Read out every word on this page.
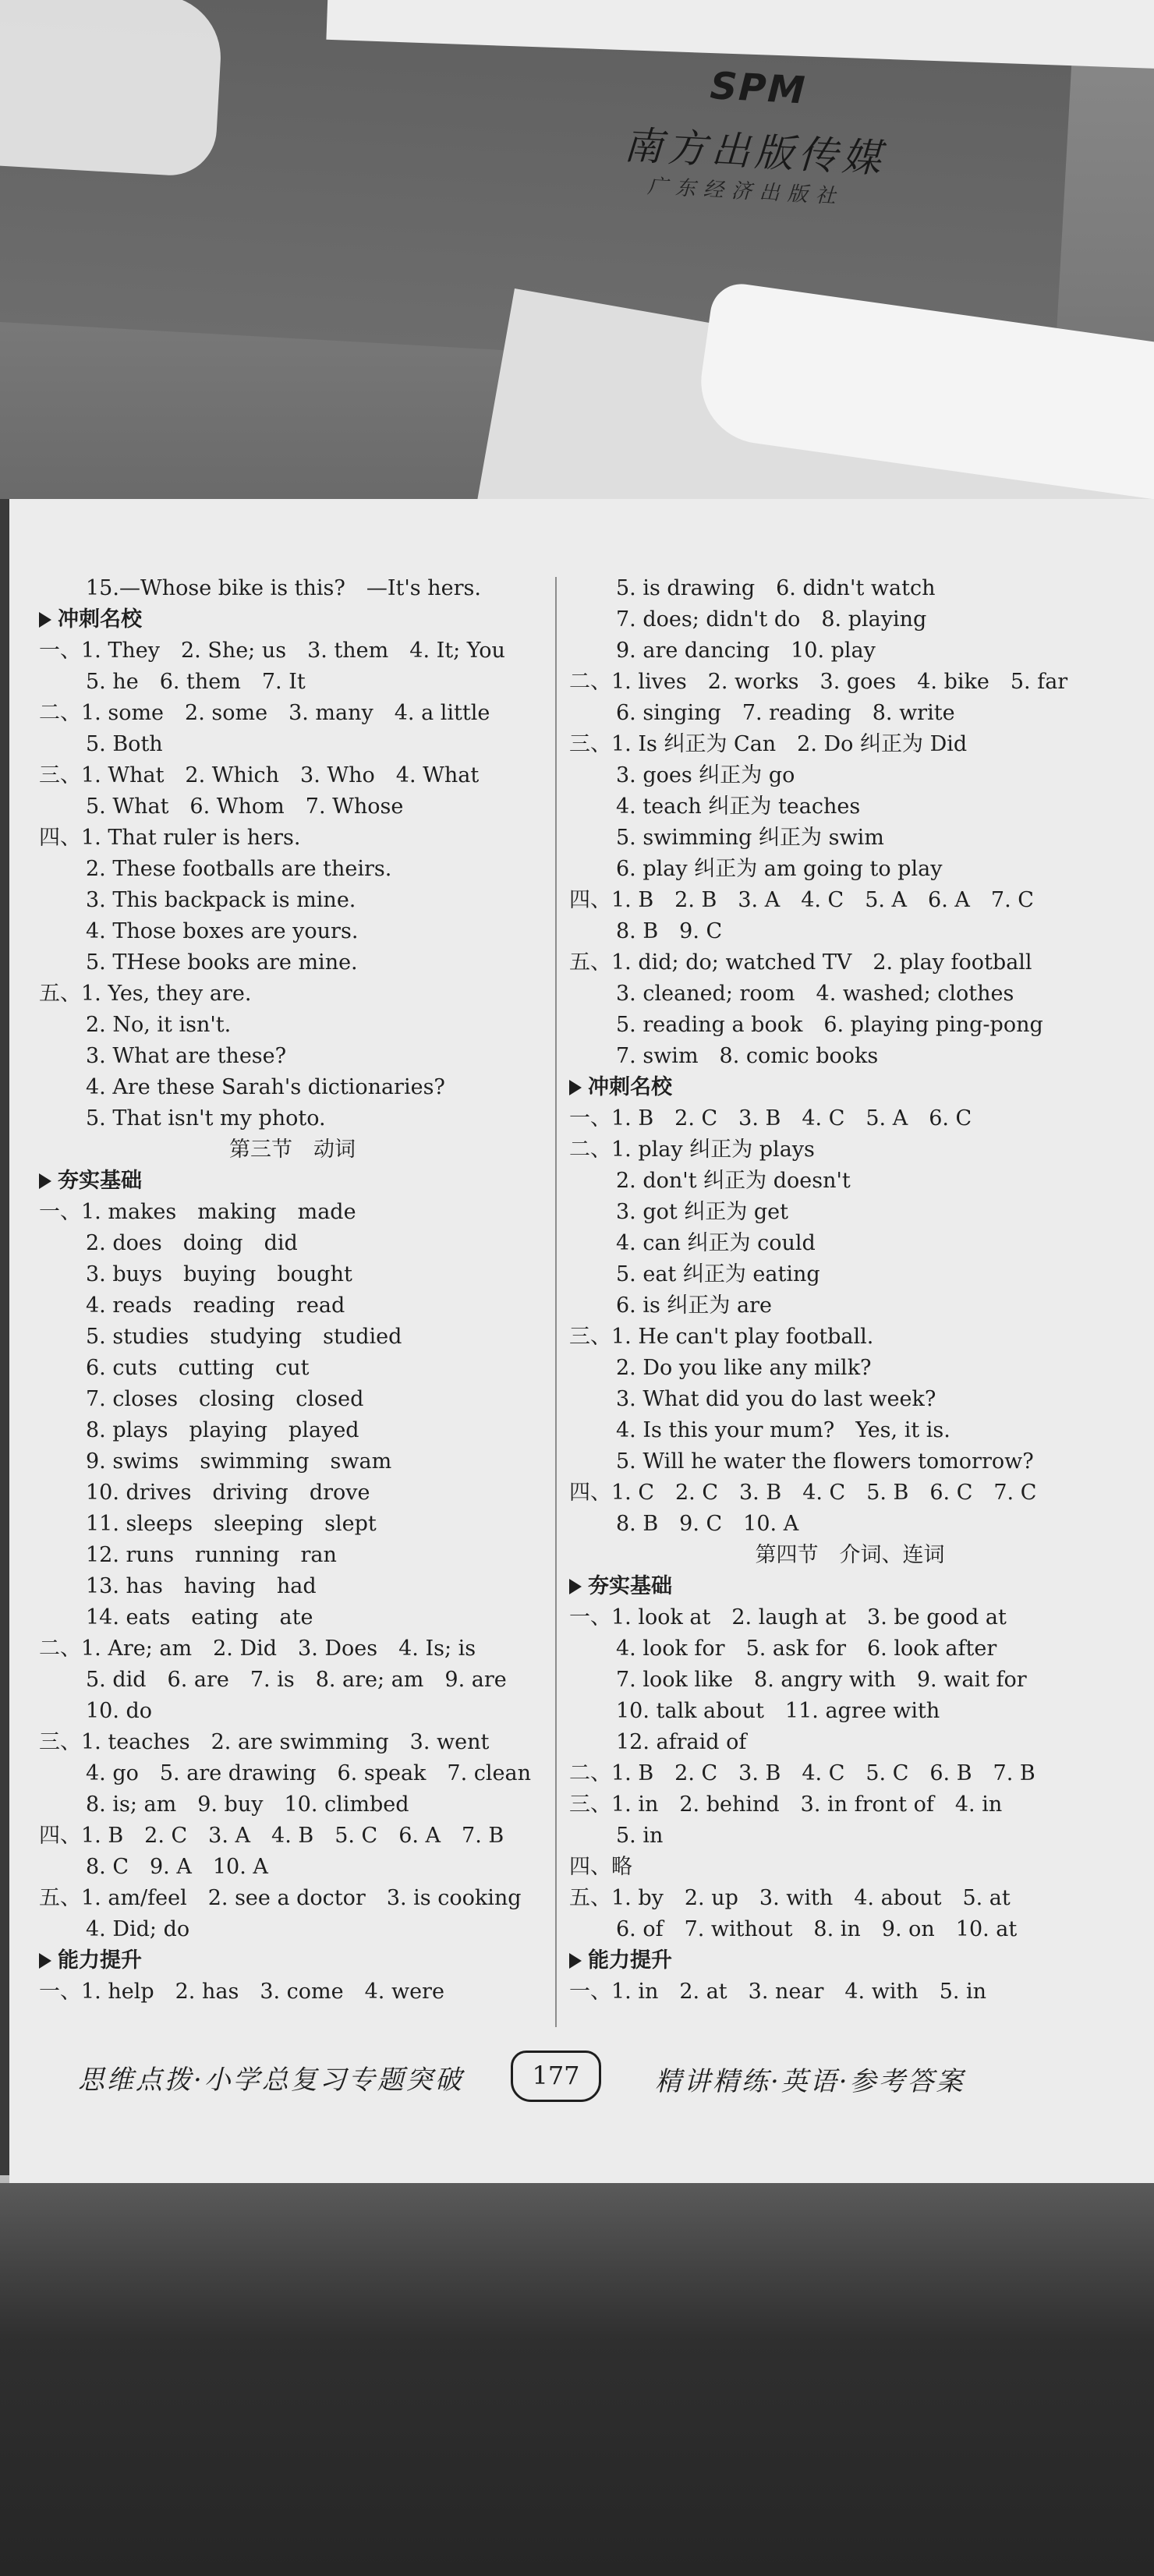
SPM
南方出版传媒
广东经济出版社
15.—Whose bike is this?　—It's hers.
冲刺名校
一、1. They　2. She; us　3. them　4. It; You
5. he　6. them　7. It
二、1. some　2. some　3. many　4. a little
5. Both
三、1. What　2. Which　3. Who　4. What
5. What　6. Whom　7. Whose
四、1. That ruler is hers.
2. These footballs are theirs.
3. This backpack is mine.
4. Those boxes are yours.
5. THese books are mine.
五、1. Yes, they are.
2. No, it isn't.
3. What are these?
4. Are these Sarah's dictionaries?
5. That isn't my photo.
第三节　动词
夯实基础
一、1. makes　making　made
2. does　doing　did
3. buys　buying　bought
4. reads　reading　read
5. studies　studying　studied
6. cuts　cutting　cut
7. closes　closing　closed
8. plays　playing　played
9. swims　swimming　swam
10. drives　driving　drove
11. sleeps　sleeping　slept
12. runs　running　ran
13. has　having　had
14. eats　eating　ate
二、1. Are; am　2. Did　3. Does　4. Is; is
5. did　6. are　7. is　8. are; am　9. are
10. do
三、1. teaches　2. are swimming　3. went
4. go　5. are drawing　6. speak　7. clean
8. is; am　9. buy　10. climbed
四、1. B　2. C　3. A　4. B　5. C　6. A　7. B
8. C　9. A　10. A
五、1. am/feel　2. see a doctor　3. is cooking
4. Did; do
能力提升
一、1. help　2. has　3. come　4. were
5. is drawing　6. didn't watch
7. does; didn't do　8. playing
9. are dancing　10. play
二、1. lives　2. works　3. goes　4. bike　5. far
6. singing　7. reading　8. write
三、1. Is 纠正为 Can　2. Do 纠正为 Did
3. goes 纠正为 go
4. teach 纠正为 teaches
5. swimming 纠正为 swim
6. play 纠正为 am going to play
四、1. B　2. B　3. A　4. C　5. A　6. A　7. C
8. B　9. C
五、1. did; do; watched TV　2. play football
3. cleaned; room　4. washed; clothes
5. reading a book　6. playing ping-pong
7. swim　8. comic books
冲刺名校
一、1. B　2. C　3. B　4. C　5. A　6. C
二、1. play 纠正为 plays
2. don't 纠正为 doesn't
3. got 纠正为 get
4. can 纠正为 could
5. eat 纠正为 eating
6. is 纠正为 are
三、1. He can't play football.
2. Do you like any milk?
3. What did you do last week?
4. Is this your mum?　Yes, it is.
5. Will he water the flowers tomorrow?
四、1. C　2. C　3. B　4. C　5. B　6. C　7. C
8. B　9. C　10. A
第四节　介词、连词
夯实基础
一、1. look at　2. laugh at　3. be good at
4. look for　5. ask for　6. look after
7. look like　8. angry with　9. wait for
10. talk about　11. agree with
12. afraid of
二、1. B　2. C　3. B　4. C　5. C　6. B　7. B
三、1. in　2. behind　3. in front of　4. in
5. in
四、略
五、1. by　2. up　3. with　4. about　5. at
6. of　7. without　8. in　9. on　10. at
能力提升
一、1. in　2. at　3. near　4. with　5. in
思维点拨·小学总复习专题突破	177	精讲精练·英语·参考答案
